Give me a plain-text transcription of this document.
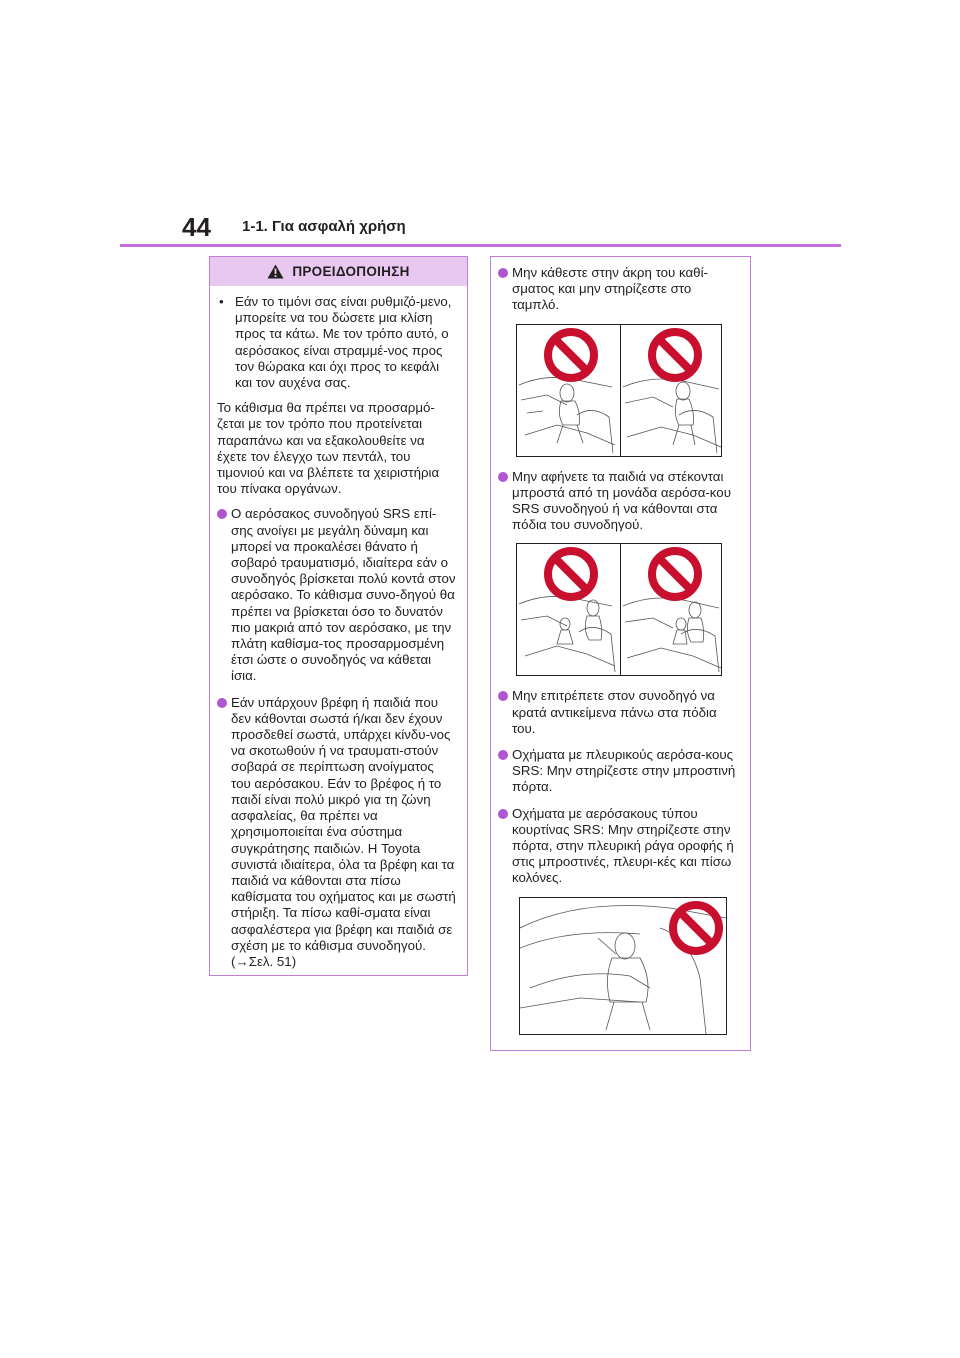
44 1-1. Για ασφαλή χρήση
ΠΡΟΕΙΔΟΠΟΙΗΣΗ
• Εάν το τιμόνι σας είναι ρυθμιζό-μενο, μπορείτε να του δώσετε μια κλίση προς τα κάτω. Με τον τρόπο αυτό, ο αερόσακος είναι στραμμέ-νος προς τον θώρακα και όχι προς το κεφάλι και τον αυχένα σας.
Το κάθισμα θα πρέπει να προσαρμό-ζεται με τον τρόπο που προτείνεται παραπάνω και να εξακολουθείτε να έχετε τον έλεγχο των πεντάλ, του τιμονιού και να βλέπετε τα χειριστήρια του πίνακα οργάνων.
Ο αερόσακος συνοδηγού SRS επί-σης ανοίγει με μεγάλη δύναμη και μπορεί να προκαλέσει θάνατο ή σοβαρό τραυματισμό, ιδιαίτερα εάν ο συνοδηγός βρίσκεται πολύ κοντά στον αερόσακο. Το κάθισμα συνο-δηγού θα πρέπει να βρίσκεται όσο το δυνατόν πιο μακριά από τον αερόσακο, με την πλάτη καθίσμα-τος προσαρμοσμένη έτσι ώστε ο συνοδηγός να κάθεται ίσια.
Εάν υπάρχουν βρέφη ή παιδιά που δεν κάθονται σωστά ή/και δεν έχουν προσδεθεί σωστά, υπάρχει κίνδυ-νος να σκοτωθούν ή να τραυματι-στούν σοβαρά σε περίπτωση ανοίγματος του αερόσακου. Εάν το βρέφος ή το παιδί είναι πολύ μικρό για τη ζώνη ασφαλείας, θα πρέπει να χρησιμοποιείται ένα σύστημα συγκράτησης παιδιών. Η Toyota συνιστά ιδιαίτερα, όλα τα βρέφη και τα παιδιά να κάθονται στα πίσω καθίσματα του οχήματος και με σωστή στήριξη. Τα πίσω καθί-σματα είναι ασφαλέστερα για βρέφη και παιδιά σε σχέση με το κάθισμα συνοδηγού. (→Σελ. 51)
Μην κάθεστε στην άκρη του καθί-σματος και μην στηρίζεστε στο ταμπλό.
Μην αφήνετε τα παιδιά να στέκονται μπροστά από τη μονάδα αερόσα-κου SRS συνοδηγού ή να κάθονται στα πόδια του συνοδηγού.
Μην επιτρέπετε στον συνοδηγό να κρατά αντικείμενα πάνω στα πόδια του.
Οχήματα με πλευρικούς αερόσα-κους SRS: Μην στηρίζεστε στην μπροστινή πόρτα.
Οχήματα με αερόσακους τύπου κουρτίνας SRS: Μην στηρίζεστε στην πόρτα, στην πλευρική ράγα οροφής ή στις μπροστινές, πλευρι-κές και πίσω κολόνες.
